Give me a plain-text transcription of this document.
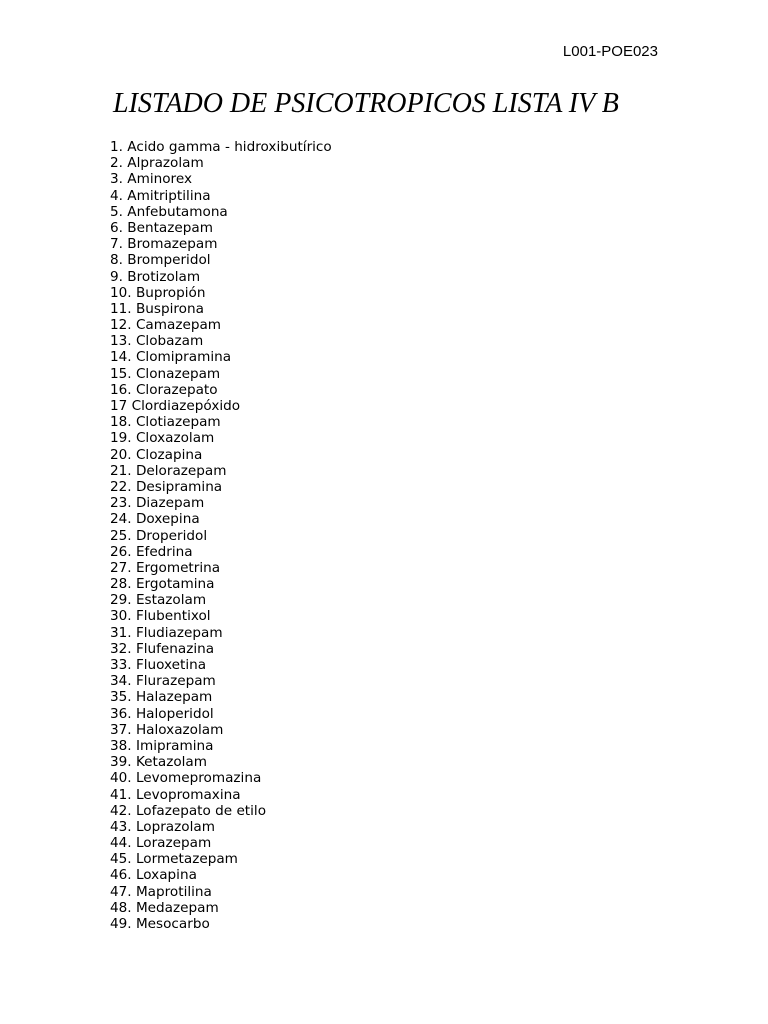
L001-POE023
LISTADO DE PSICOTROPICOS LISTA IV B
1. Acido gamma - hidroxibutírico
2. Alprazolam
3. Aminorex
4. Amitriptilina
5. Anfebutamona
6. Bentazepam
7. Bromazepam
8. Bromperidol
9. Brotizolam
10. Bupropión
11. Buspirona
12. Camazepam
13. Clobazam
14. Clomipramina
15. Clonazepam
16. Clorazepato
17 Clordiazepóxido
18. Clotiazepam
19. Cloxazolam
20. Clozapina
21. Delorazepam
22. Desipramina
23. Diazepam
24. Doxepina
25. Droperidol
26. Efedrina
27. Ergometrina
28. Ergotamina
29. Estazolam
30. Flubentixol
31. Fludiazepam
32. Flufenazina
33. Fluoxetina
34. Flurazepam
35. Halazepam
36. Haloperidol
37. Haloxazolam
38. Imipramina
39. Ketazolam
40. Levomepromazina
41. Levopromaxina
42. Lofazepato de etilo
43. Loprazolam
44. Lorazepam
45. Lormetazepam
46. Loxapina
47. Maprotilina
48. Medazepam
49. Mesocarbo
